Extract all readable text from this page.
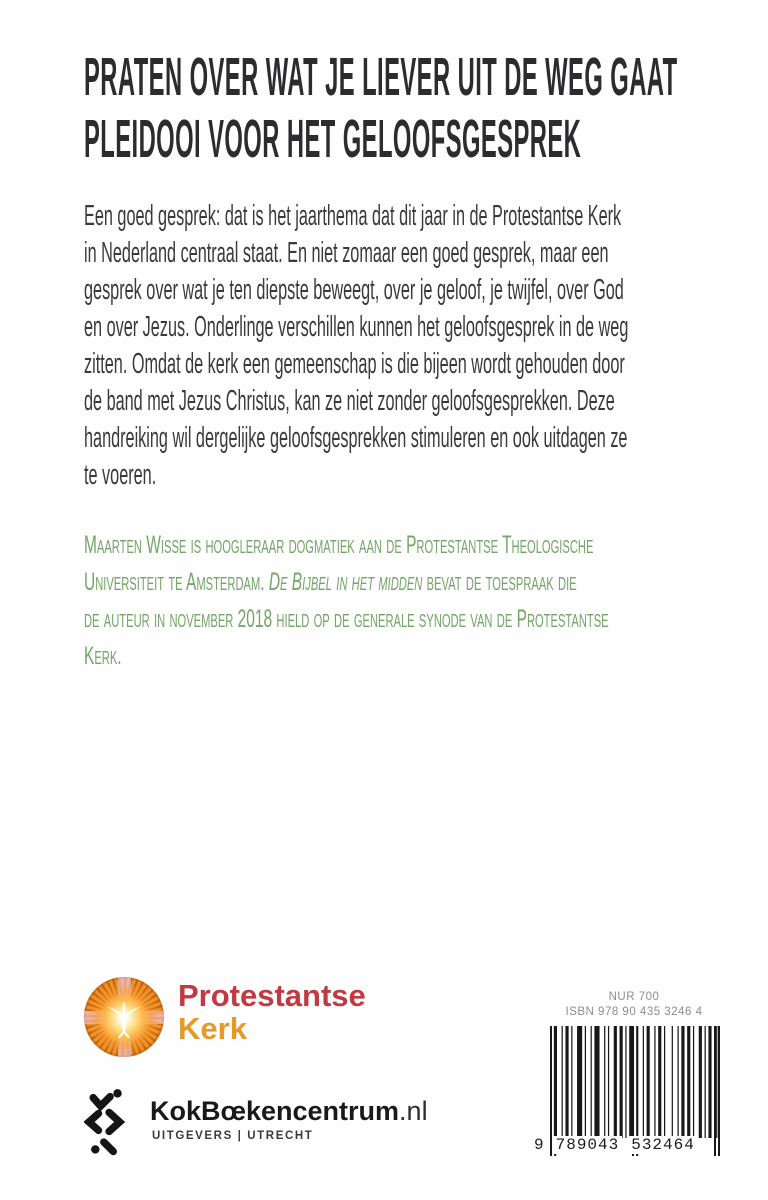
PRATEN OVER WAT JE LIEVER UIT DE WEG GAAT
PLEIDOOI VOOR HET GELOOFSGESPREK
Een goed gesprek: dat is het jaarthema dat dit jaar in de Protestantse Kerk
in Nederland centraal staat. En niet zomaar een goed gesprek, maar een
gesprek over wat je ten diepste beweegt, over je geloof, je twijfel, over God
en over Jezus. Onderlinge verschillen kunnen het geloofsgesprek in de weg
zitten. Omdat de kerk een gemeenschap is die bijeen wordt gehouden door
de band met Jezus Christus, kan ze niet zonder geloofsgesprekken. Deze
handreiking wil dergelijke geloofsgesprekken stimuleren en ook uitdagen ze
te voeren.
Maarten Wisse is hoogleraar dogmatiek aan de Protestantse Theologische
Universiteit te Amsterdam. De Bijbel in het midden bevat de toespraak die
de auteur in november 2018 hield op de generale synode van de Protestantse
Kerk.
Protestantse
Kerk
NUR 700
ISBN 978 90 435 3246 4
9 789043 532464
KokBœkencentrum.nl
UITGEVERS | UTRECHT
